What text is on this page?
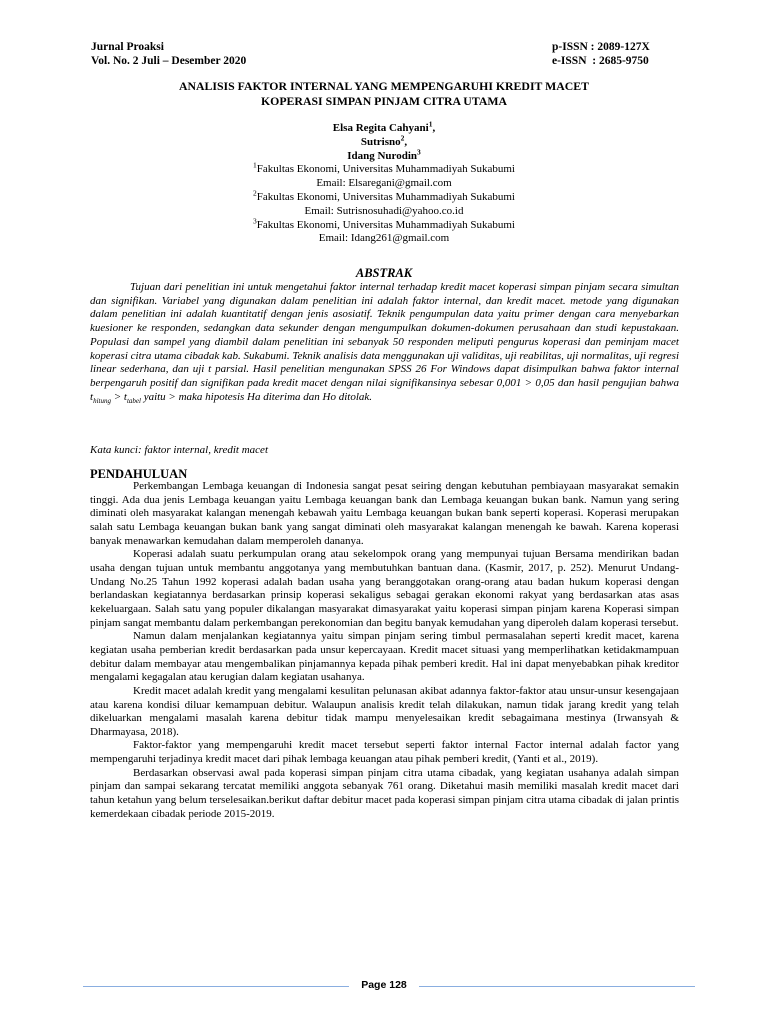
Jurnal Proaksi
Vol. No. 2 Juli – Desember 2020
p-ISSN : 2089-127X
e-ISSN  : 2685-9750
ANALISIS FAKTOR INTERNAL YANG MEMPENGARUHI KREDIT MACET
KOPERASI SIMPAN PINJAM CITRA UTAMA
Elsa Regita Cahyani$^1$,
Sutrisno$^2$,
Idang Nurodin$^3$
$^1$Fakultas Ekonomi, Universitas Muhammadiyah Sukabumi
Email: Elsaregani@gmail.com
$^2$Fakultas Ekonomi, Universitas Muhammadiyah Sukabumi
Email: Sutrisnosuhadi@yahoo.co.id
$^3$Fakultas Ekonomi, Universitas Muhammadiyah Sukabumi
Email: Idang261@gmail.com
ABSTRAK
Tujuan dari penelitian ini untuk mengetahui faktor internal terhadap kredit macet koperasi simpan pinjam secara simultan dan signifikan. Variabel yang digunakan dalam penelitian ini adalah faktor internal, dan kredit macet. metode yang digunakan dalam penelitian ini adalah kuantitatif dengan jenis asosiatif. Teknik pengumpulan data yaitu primer dengan cara menyebarkan kuesioner ke responden, sedangkan data sekunder dengan mengumpulkan dokumen-dokumen perusahaan dan studi kepustakaan. Populasi dan sampel yang diambil dalam penelitian ini sebanyak 50 responden meliputi pengurus koperasi dan peminjam macet koperasi citra utama cibadak kab. Sukabumi. Teknik analisis data menggunakan uji validitas, uji reabilitas, uji normalitas, uji regresi linear sederhana, dan uji t parsial. Hasil penelitian mengunakan SPSS 26 For Windows dapat disimpulkan bahwa faktor internal berpengaruh positif dan signifikan pada kredit macet dengan nilai signifikansinya sebesar 0,001 > 0,05 dan hasil pengujian bahwa $t_{hitung} > t_{tabel}$ yaitu > maka hipotesis Ha diterima dan Ho ditolak.
Kata kunci: faktor internal, kredit macet
PENDAHULUAN

Perkembangan Lembaga keuangan di Indonesia sangat pesat seiring dengan kebutuhan pembiayaan masyarakat semakin tinggi. Ada dua jenis Lembaga keuangan yaitu Lembaga keuangan bank dan Lembaga keuangan bukan bank. Namun yang sering diminati oleh masyarakat kalangan menengah kebawah yaitu Lembaga keuangan bukan bank seperti koperasi. Koperasi merupakan salah satu Lembaga keuangan bukan bank yang sangat diminati oleh masyarakat kalangan menengah ke bawah. Karena koperasi banyak menawarkan kemudahan dalam memperoleh dananya.

Koperasi adalah suatu perkumpulan orang atau sekelompok orang yang mempunyai tujuan Bersama mendirikan badan usaha dengan tujuan untuk membantu anggotanya yang membutuhkan bantuan dana. (Kasmir, 2017, p. 252). Menurut Undang-Undang No.25 Tahun 1992 koperasi adalah badan usaha yang beranggotakan orang-orang atau badan hukum koperasi dengan berlandaskan kegiatannya berdasarkan prinsip koperasi sekaligus sebagai gerakan ekonomi rakyat yang berdasarkan atas asas kekeluargaan. Salah satu yang populer dikalangan masyarakat dimasyarakat yaitu koperasi simpan pinjam karena Koperasi simpan pinjam sangat membantu dalam perkembangan perekonomian dan begitu banyak kemudahan yang diperoleh dalam koperasi tersebut.

Namun dalam menjalankan kegiatannya yaitu simpan pinjam sering timbul permasalahan seperti kredit macet, karena kegiatan usaha pemberian kredit berdasarkan pada unsur kepercayaan. Kredit macet situasi yang memperlihatkan ketidakmampuan debitur dalam membayar atau mengembalikan pinjamannya kepada pihak pemberi kredit. Hal ini dapat menyebabkan pihak kreditor mengalami kegagalan atau kerugian dalam kegiatan usahanya.

Kredit macet adalah kredit yang mengalami kesulitan pelunasan akibat adannya faktor-faktor atau unsur-unsur kesengajaan atau karena kondisi diluar kemampuan debitur. Walaupun analisis kredit telah dilakukan, namun tidak jarang kredit yang telah dikeluarkan mengalami masalah karena debitur tidak mampu menyelesaikan kredit sebagaimana mestinya (Irwansyah & Dharmayasa, 2018).

Faktor-faktor yang mempengaruhi kredit macet tersebut seperti faktor internal Factor internal adalah factor yang mempengaruhi terjadinya kredit macet dari pihak lembaga keuangan atau pihak pemberi kredit, (Yanti et al., 2019).

Berdasarkan observasi awal pada koperasi simpan pinjam citra utama cibadak, yang kegiatan usahanya adalah simpan pinjam dan sampai sekarang tercatat memiliki anggota sebanyak 761 orang. Diketahui masih memiliki masalah kredit macet dari tahun ketahun yang belum terselesaikan.berikut daftar debitur macet pada koperasi simpan pinjam citra utama cibadak di jalan printis kemerdekaan cibadak periode 2015-2019.

Page 128
